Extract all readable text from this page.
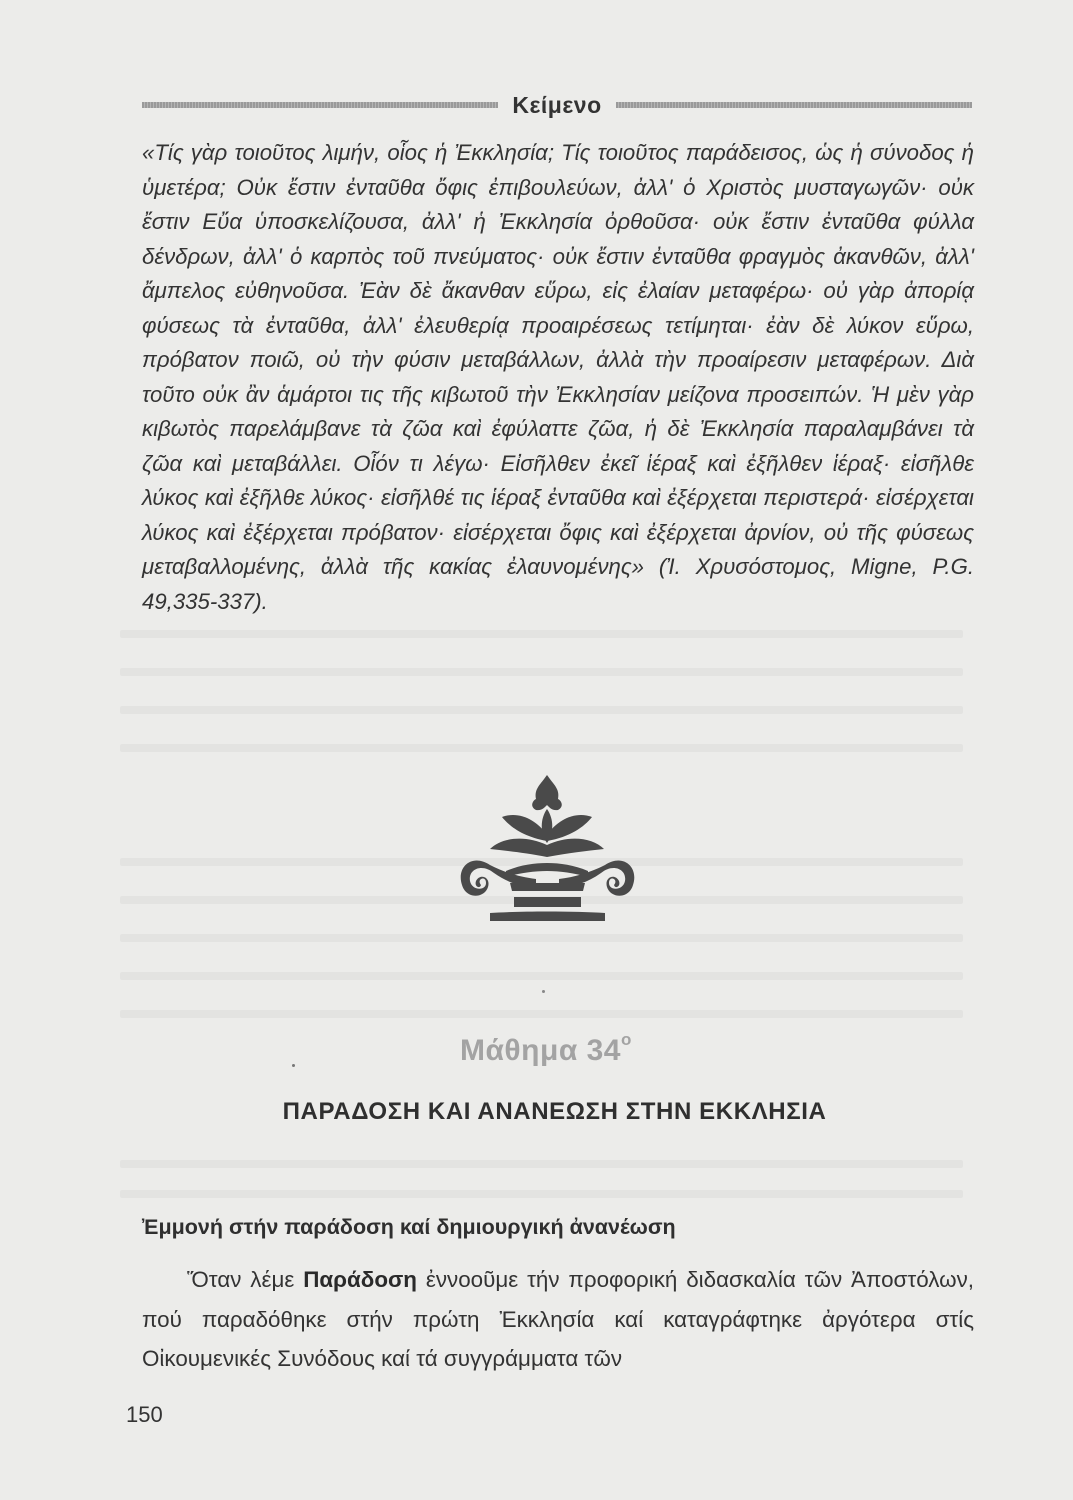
Κείμενο

«Τίς γὰρ τοιοῦτος λιμήν, οἷος ἡ Ἐκκλησία; Τίς τοιοῦτος παράδεισος, ὡς ἡ σύνοδος ἡ ὑμετέρα; Οὐκ ἔστιν ἐνταῦθα ὄφις ἐπιβουλεύων, ἀλλ' ὁ Χριστὸς μυσταγωγῶν· οὐκ ἔστιν Εὔα ὑποσκελίζουσα, ἀλλ' ἡ Ἐκκλησία ὀρθοῦσα· οὐκ ἔστιν ἐνταῦθα φύλλα δένδρων, ἀλλ' ὁ καρπὸς τοῦ πνεύματος· οὐκ ἔστιν ἐνταῦθα φραγμὸς ἀκανθῶν, ἀλλ' ἄμπελος εὐθηνοῦσα. Ἐὰν δὲ ἄκανθαν εὕρω, εἰς ἐλαίαν μεταφέρω· οὐ γὰρ ἀπορίᾳ φύσεως τὰ ἐνταῦθα, ἀλλ' ἐλευθερίᾳ προαιρέσεως τετίμηται· ἐὰν δὲ λύκον εὕρω, πρόβατον ποιῶ, οὐ τὴν φύσιν μεταβάλλων, ἀλλὰ τὴν προαίρεσιν μεταφέρων. Διὰ τοῦτο οὐκ ἂν ἁμάρτοι τις τῆς κιβωτοῦ τὴν Ἐκκλησίαν μείζονα προσειπών. Ἡ μὲν γὰρ κιβωτὸς παρελάμβανε τὰ ζῶα καὶ ἐφύλαττε ζῶα, ἡ δὲ Ἐκκλησία παραλαμβάνει τὰ ζῶα καὶ μεταβάλλει. Οἷόν τι λέγω· Εἰσῆλθεν ἐκεῖ ἱέραξ καὶ ἐξῆλθεν ἱέραξ· εἰσῆλθε λύκος καὶ ἐξῆλθε λύκος· εἰσῆλθέ τις ἱέραξ ἐνταῦθα καὶ ἐξέρχεται περιστερά· εἰσέρχεται λύκος καὶ ἐξέρχεται πρόβατον· εἰσέρχεται ὄφις καὶ ἐξέρχεται ἀρνίον, οὐ τῆς φύσεως μεταβαλλομένης, ἀλλὰ τῆς κακίας ἐλαυνομένης» (Ἰ. Χρυσόστομος, Migne, P.G. 49,335-337).

Μάθημα $34^o$
ΠΑΡΑΔΟΣΗ ΚΑΙ ΑΝΑΝΕΩΣΗ ΣΤΗΝ ΕΚΚΛΗΣΙΑ
Ἐμμονή στήν παράδοση καί δημιουργική ἀνανέωση

Ὅταν λέμε Παράδοση ἐννοοῦμε τήν προφορική διδασκαλία τῶν Ἀποστόλων, πού παραδόθηκε στήν πρώτη Ἐκκλησία καί καταγράφτηκε ἀργότερα στίς Οἰκουμενικές Συνόδους καί τά συγγράμματα τῶν

150
